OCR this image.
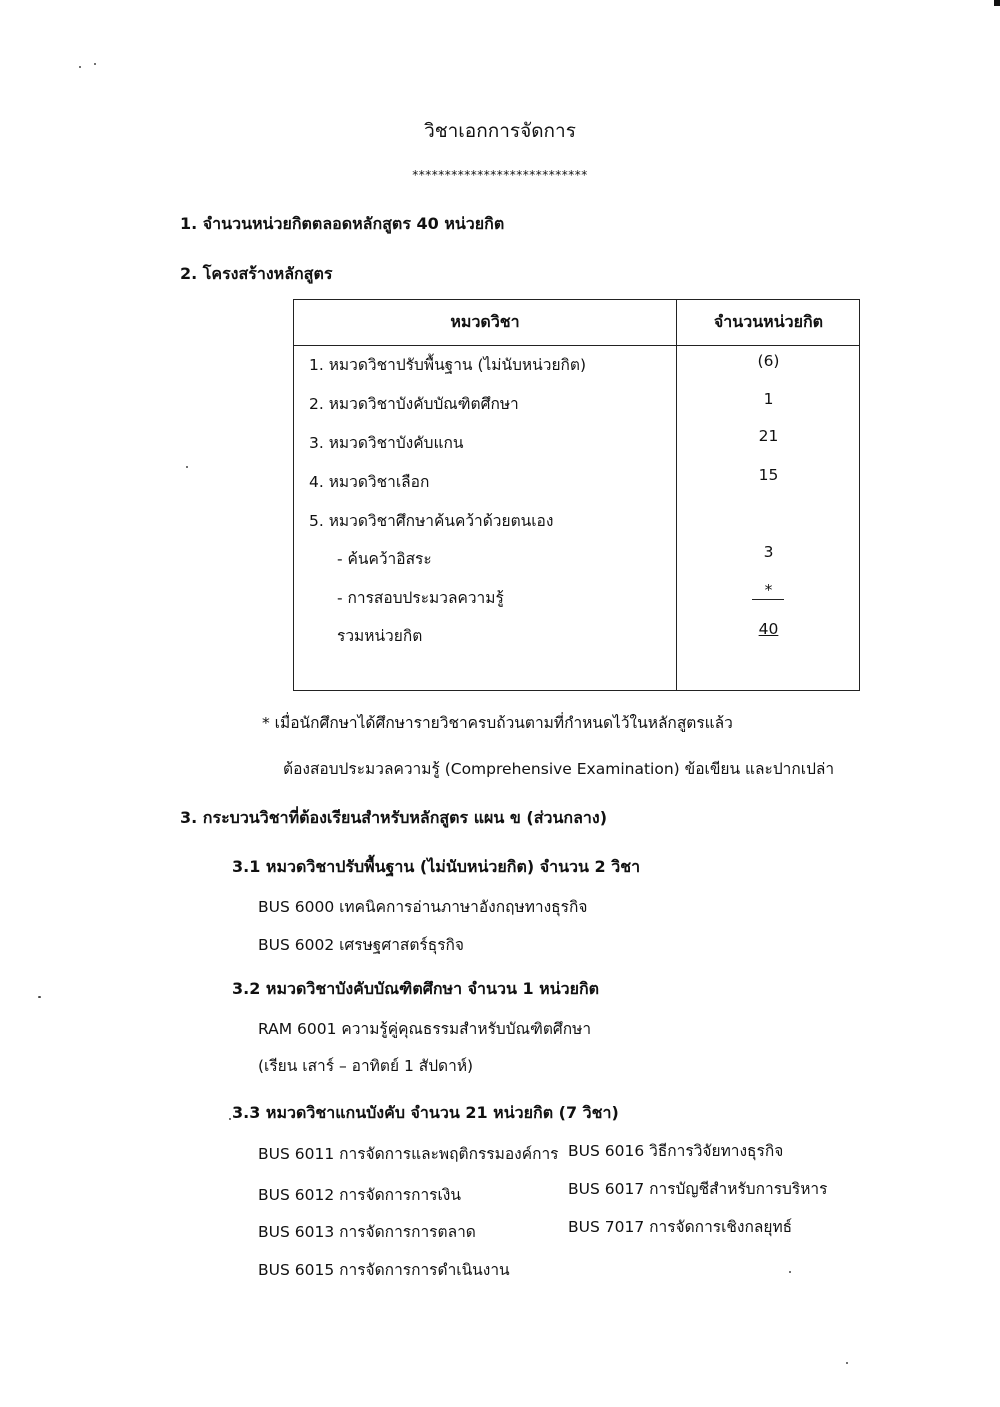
วิชาเอกการจัดการ
***************************
1. จำนวนหน่วยกิตตลอดหลักสูตร 40 หน่วยกิต
2. โครงสร้างหลักสูตร
หมวดวิชา	จำนวนหน่วยกิต
1. หมวดวิชาปรับพื้นฐาน (ไม่นับหน่วยกิต)	(6)
2. หมวดวิชาบังคับบัณฑิตศึกษา	1
3. หมวดวิชาบังคับแกน	21
4. หมวดวิชาเลือก	15
5. หมวดวิชาศึกษาค้นคว้าด้วยตนเอง
- ค้นคว้าอิสระ	3
- การสอบประมวลความรู้	*
รวมหน่วยกิต	40
* เมื่อนักศึกษาได้ศึกษารายวิชาครบถ้วนตามที่กำหนดไว้ในหลักสูตรแล้ว
ต้องสอบประมวลความรู้ (Comprehensive Examination) ข้อเขียน และปากเปล่า
3. กระบวนวิชาที่ต้องเรียนสำหรับหลักสูตร แผน ข (ส่วนกลาง)
3.1 หมวดวิชาปรับพื้นฐาน (ไม่นับหน่วยกิต) จำนวน 2 วิชา
BUS 6000 เทคนิคการอ่านภาษาอังกฤษทางธุรกิจ
BUS 6002 เศรษฐศาสตร์ธุรกิจ
3.2 หมวดวิชาบังคับบัณฑิตศึกษา จำนวน 1 หน่วยกิต
RAM 6001 ความรู้คู่คุณธรรมสำหรับบัณฑิตศึกษา
(เรียน เสาร์ – อาทิตย์ 1 สัปดาห์)
3.3 หมวดวิชาแกนบังคับ จำนวน 21 หน่วยกิต (7 วิชา)
BUS 6011 การจัดการและพฤติกรรมองค์การ
BUS 6012 การจัดการการเงิน
BUS 6013 การจัดการการตลาด
BUS 6015 การจัดการการดำเนินงาน
BUS 6016 วิธีการวิจัยทางธุรกิจ
BUS 6017 การบัญชีสำหรับการบริหาร
BUS 7017 การจัดการเชิงกลยุทธ์
